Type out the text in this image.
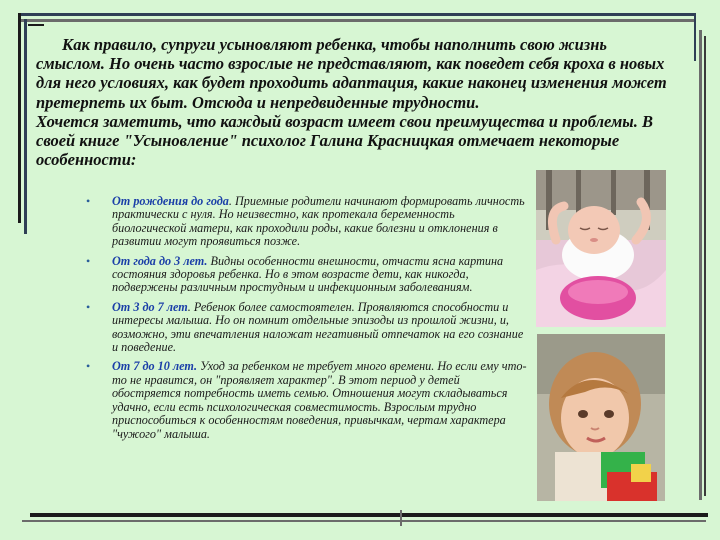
Как правило, супруги усыновляют ребенка, чтобы наполнить свою жизнь смыслом. Но очень часто взрослые не представляют, как поведет себя кроха в новых для него условиях, как будет проходить адаптация, какие наконец изменения может претерпеть их быт. Отсюда и непредвиденные трудности.
Хочется заметить, что каждый возраст имеет свои преимущества и проблемы. В своей книге "Усыновление" психолог Галина Красницкая отмечает некоторые особенности:

• От рождения до года. Приемные родители начинают формировать личность практически с нуля. Но неизвестно, как протекала беременность биологической матери, как проходили роды, какие болезни и отклонения в развитии могут проявиться позже.
• От года до 3 лет. Видны особенности внешности, отчасти ясна картина состояния здоровья ребенка. Но в этом возрасте дети, как никогда, подвержены различным простудным и инфекционным заболеваниям.
• От 3 до 7 лет. Ребенок более самостоятелен. Проявляются способности и интересы малыша. Но он помнит отдельные эпизоды из прошлой жизни, и, возможно, эти впечатления наложат негативный отпечаток на его сознание и поведение.
• От 7 до 10 лет. Уход за ребенком не требует много времени. Но если ему что-то не нравится, он "проявляет характер". В этот период у детей обостряется потребность иметь семью. Отношения могут складываться удачно, если есть психологическая совместимость. Взрослым трудно приспособиться к особенностям поведения, привычкам, чертам характера "чужого" малыша.
